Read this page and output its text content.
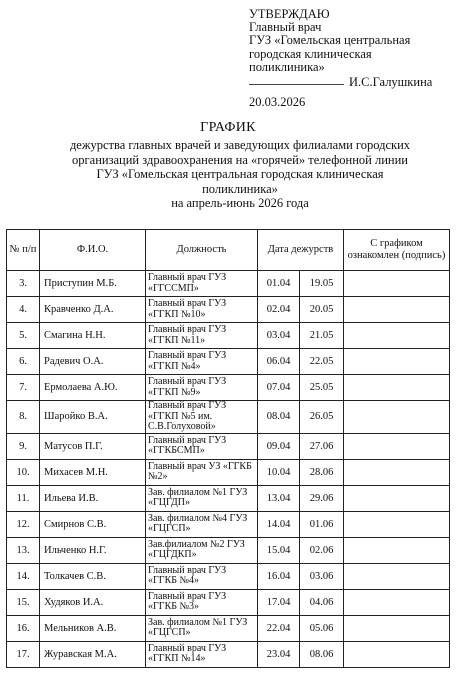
УТВЕРЖДАЮ
Главный врач
ГУЗ «Гомельская центральная
городская клиническая
поликлиника»
И.С.Галушкина
20.03.2026
ГРАФИК
дежурства главных врачей и заведующих филиалами городских
организаций здравоохранения на «горячей» телефонной линии
ГУЗ «Гомельская центральная городская клиническая
поликлиника»
на апрель-июнь 2026 года
№ п/п	Ф.И.О.	Должность	Дата дежурств		С графиком ознакомлен (подпись)
3.	Приступин М.Б.	Главный врач ГУЗ «ГГССМП»	01.04	19.05	
4.	Кравченко Д.А.	Главный врач ГУЗ «ГГКП №10»	02.04	20.05	
5.	Смагина Н.Н.	Главный врач ГУЗ «ГГКП №11»	03.04	21.05	
6.	Радевич О.А.	Главный врач ГУЗ «ГГКП №4»	06.04	22.05	
7.	Ермолаева А.Ю.	Главный врач ГУЗ «ГГКП №9»	07.04	25.05	
8.	Шаройко В.А.	Главный врач ГУЗ «ГГКП №5 им. С.В.Голуховой»	08.04	26.05	
9.	Матусов П.Г.	Главный врач ГУЗ «ГГКБСМП»	09.04	27.06	
10.	Михасев М.Н.	Главный врач УЗ «ГГКБ №2»	10.04	28.06	
11.	Ильева И.В.	Зав. филиалом №1 ГУЗ «ГЦГДП»	13.04	29.06	
12.	Смирнов С.В.	Зав. филиалом №4 ГУЗ «ГЦГСП»	14.04	01.06	
13.	Ильченко Н.Г.	Зав.филиалом №2 ГУЗ «ГЦГДКП»	15.04	02.06	
14.	Толкачев С.В.	Главный врач ГУЗ «ГГКБ №4»	16.04	03.06	
15.	Худяков И.А.	Главный врач ГУЗ «ГГКБ №3»	17.04	04.06	
16.	Мельников А.В.	Зав. филиалом №1 ГУЗ «ГЦГСП»	22.04	05.06	
17.	Журавская М.А.	Главный врач ГУЗ «ГГКП №14»	23.04	08.06	
